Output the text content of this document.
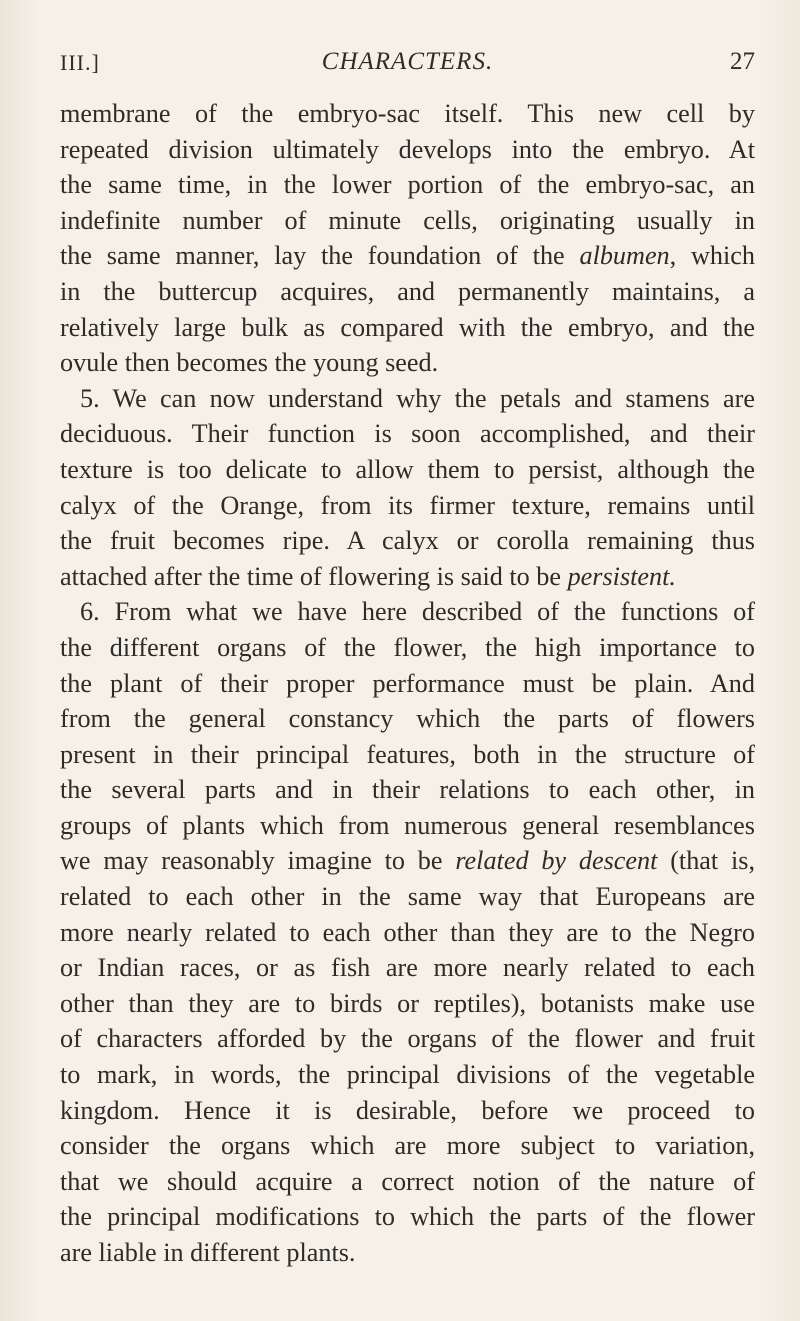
III.]	CHARACTERS.	27
membrane of the embryo-sac itself. This new cell by
repeated division ultimately develops into the embryo. At
the same time, in the lower portion of the embryo-sac, an
indefinite number of minute cells, originating usually in
the same manner, lay the foundation of the albumen, which
in the buttercup acquires, and permanently maintains, a
relatively large bulk as compared with the embryo, and the
ovule then becomes the young seed.
5. We can now understand why the petals and stamens are
deciduous. Their function is soon accomplished, and their
texture is too delicate to allow them to persist, although the
calyx of the Orange, from its firmer texture, remains until
the fruit becomes ripe. A calyx or corolla remaining thus
attached after the time of flowering is said to be persistent.
6. From what we have here described of the functions of
the different organs of the flower, the high importance to
the plant of their proper performance must be plain. And
from the general constancy which the parts of flowers
present in their principal features, both in the structure of
the several parts and in their relations to each other, in
groups of plants which from numerous general resemblances
we may reasonably imagine to be related by descent (that is,
related to each other in the same way that Europeans are
more nearly related to each other than they are to the Negro
or Indian races, or as fish are more nearly related to each
other than they are to birds or reptiles), botanists make use
of characters afforded by the organs of the flower and fruit
to mark, in words, the principal divisions of the vegetable
kingdom. Hence it is desirable, before we proceed to
consider the organs which are more subject to variation,
that we should acquire a correct notion of the nature of
the principal modifications to which the parts of the flower
are liable in different plants.
